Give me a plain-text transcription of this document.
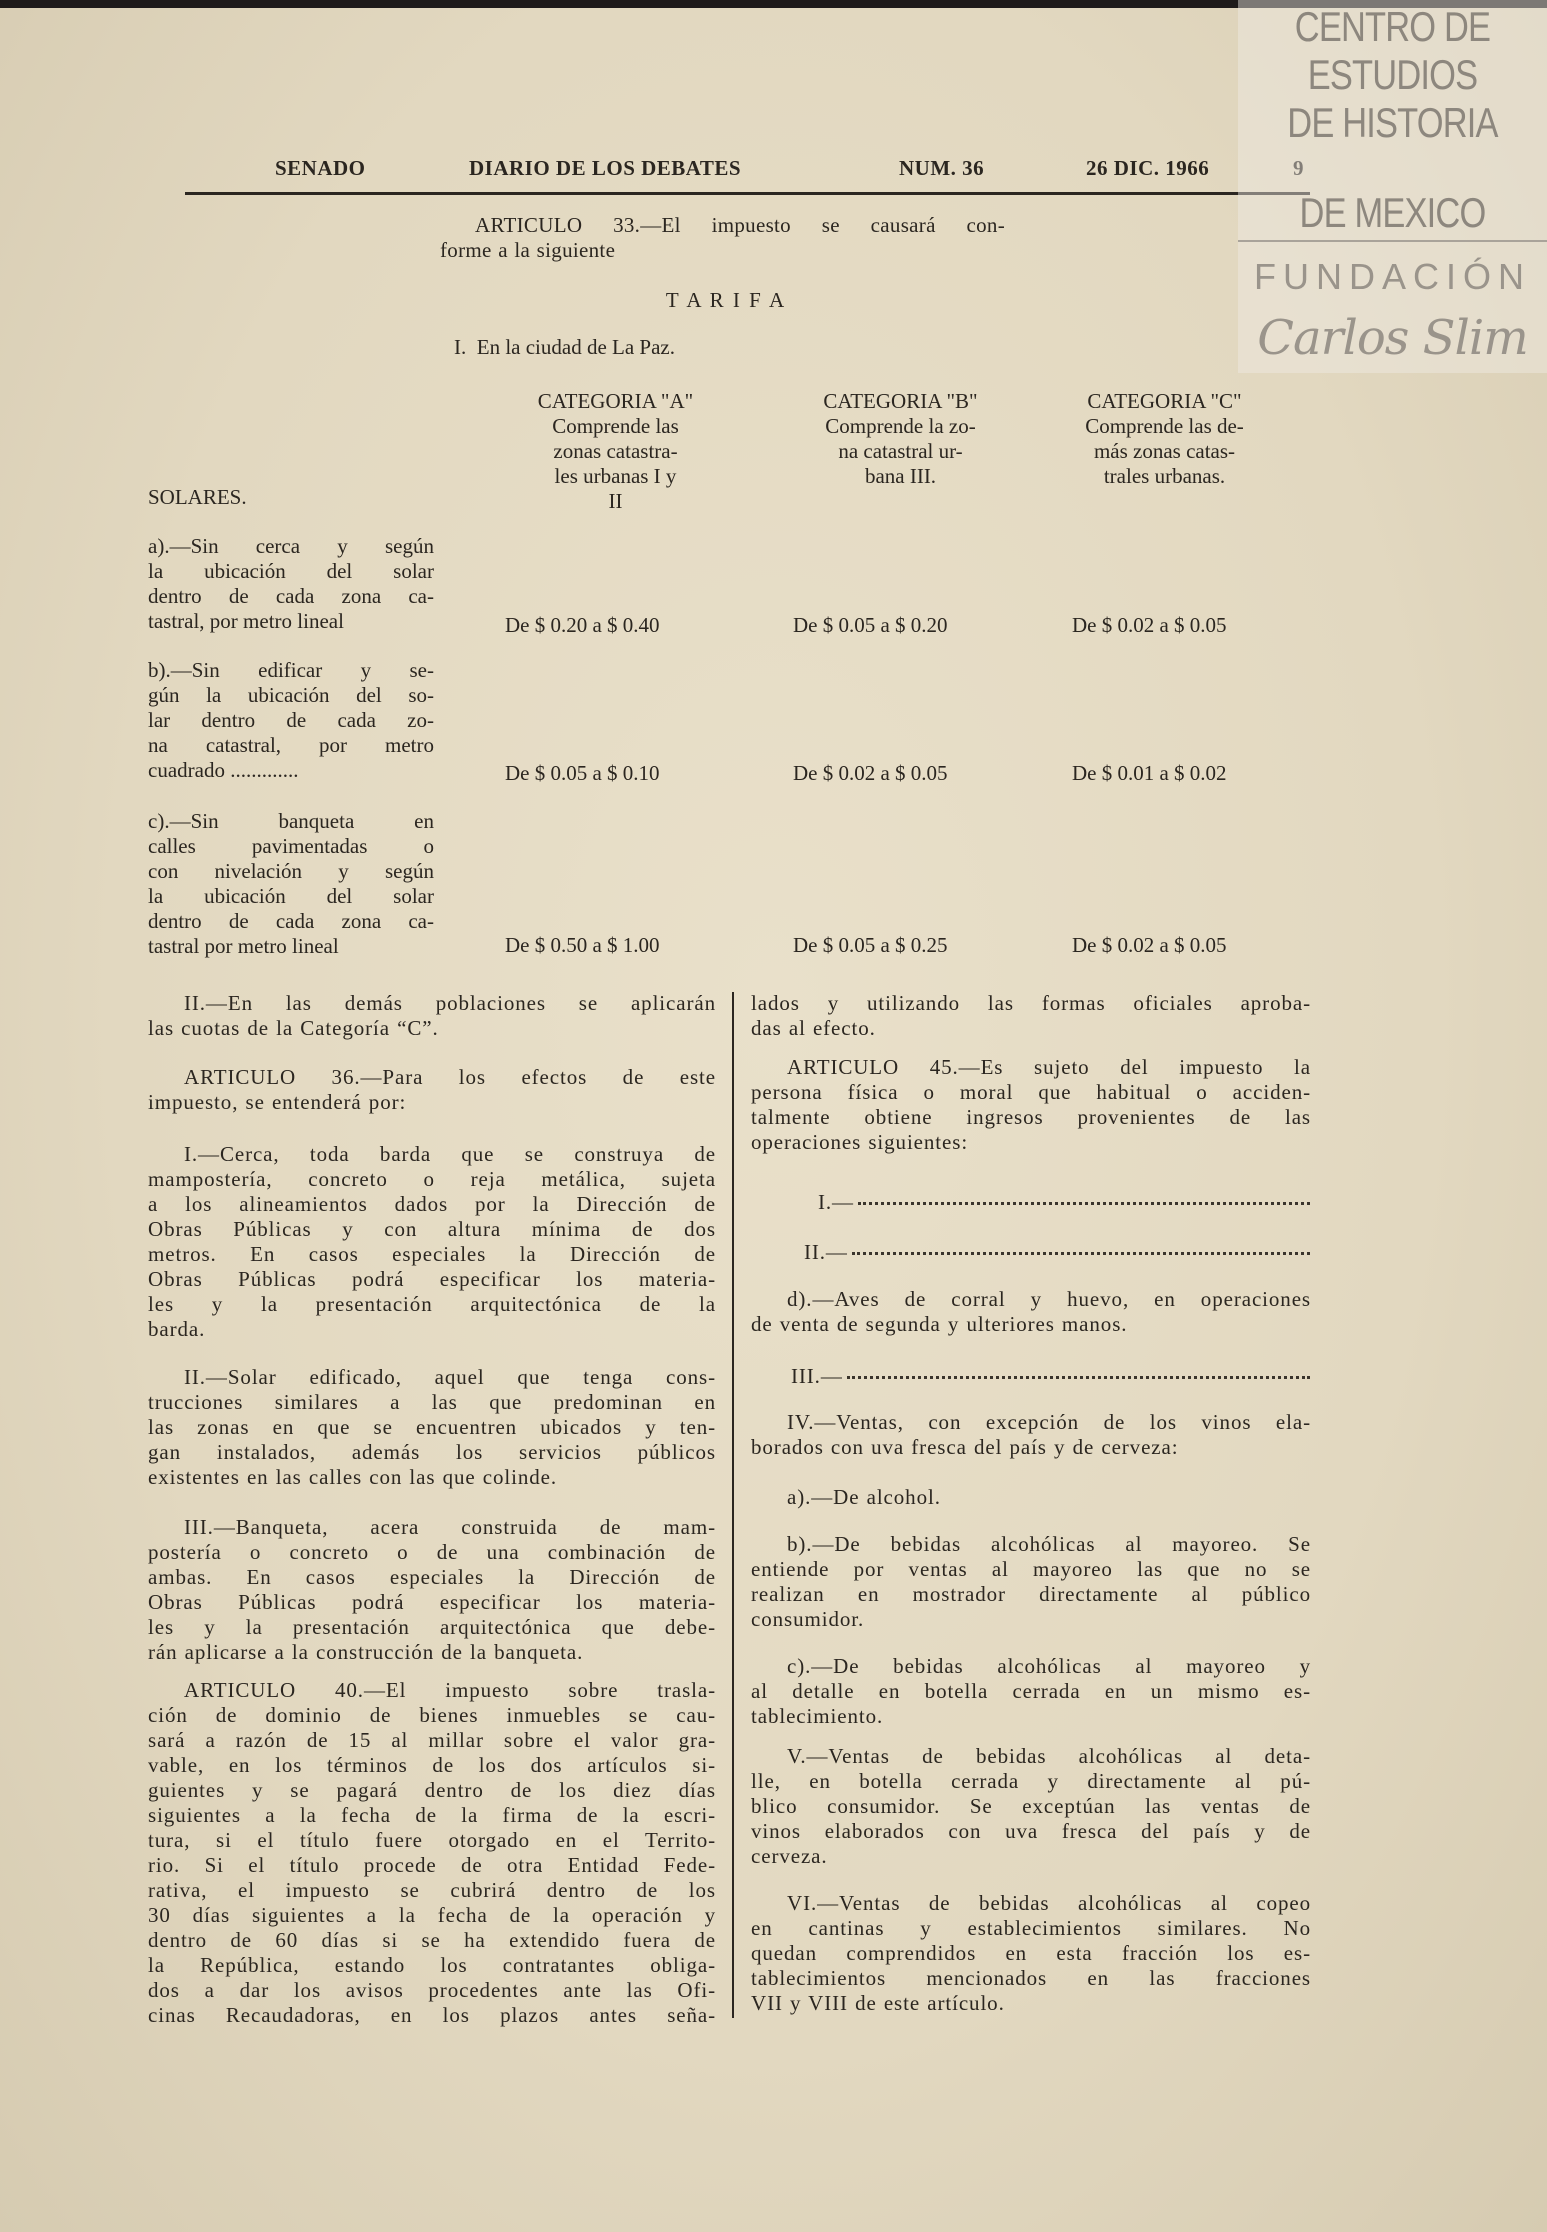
SENADO	DIARIO DE LOS DEBATES	NUM. 36	26 DIC. 1966	9
CENTRO DE
ESTUDIOS
DE HISTORIA
DE MEXICO
FUNDACIÓN
Carlos Slim
ARTICULO 33.—El impuesto se causará con-
forme a la siguiente
T A R I F A
I.  En la ciudad de La Paz.
CATEGORIA "A"
Comprende las
zonas catastra-
les urbanas I y
II
CATEGORIA "B"
Comprende la zo-
na catastral ur-
bana III.
CATEGORIA "C"
Comprende las de-
más zonas catas-
trales urbanas.
SOLARES.
a).—Sin cerca y según
la ubicación del solar
dentro de cada zona ca-
tastral, por metro lineal	De $ 0.20 a $ 0.40	De $ 0.05 a $ 0.20	De $ 0.02 a $ 0.05
b).—Sin edificar y se-
gún la ubicación del so-
lar dentro de cada zo-
na catastral, por metro
cuadrado .............	De $ 0.05 a $ 0.10	De $ 0.02 a $ 0.05	De $ 0.01 a $ 0.02
c).—Sin banqueta en
calles pavimentadas o
con nivelación y según
la ubicación del solar
dentro de cada zona ca-
tastral por metro lineal	De $ 0.50 a $ 1.00	De $ 0.05 a $ 0.25	De $ 0.02 a $ 0.05
II.—En las demás poblaciones se aplicarán
las cuotas de la Categoría “C”.
ARTICULO 36.—Para los efectos de este
impuesto, se entenderá por:
I.—Cerca, toda barda que se construya de
mampostería, concreto o reja metálica, sujeta
a los alineamientos dados por la Dirección de
Obras Públicas y con altura mínima de dos
metros. En casos especiales la Dirección de
Obras Públicas podrá especificar los materia-
les y la presentación arquitectónica de la
barda.
II.—Solar edificado, aquel que tenga cons-
trucciones similares a las que predominan en
las zonas en que se encuentren ubicados y ten-
gan instalados, además los servicios públicos
existentes en las calles con las que colinde.
III.—Banqueta, acera construida de mam-
postería o concreto o de una combinación de
ambas. En casos especiales la Dirección de
Obras Públicas podrá especificar los materia-
les y la presentación arquitectónica que debe-
rán aplicarse a la construcción de la banqueta.
ARTICULO 40.—El impuesto sobre trasla-
ción de dominio de bienes inmuebles se cau-
sará a razón de 15 al millar sobre el valor gra-
vable, en los términos de los dos artículos si-
guientes y se pagará dentro de los diez días
siguientes a la fecha de la firma de la escri-
tura, si el título fuere otorgado en el Territo-
rio. Si el título procede de otra Entidad Fede-
rativa, el impuesto se cubrirá dentro de los
30 días siguientes a la fecha de la operación y
dentro de 60 días si se ha extendido fuera de
la República, estando los contratantes obliga-
dos a dar los avisos procedentes ante las Ofi-
cinas Recaudadoras, en los plazos antes seña-
lados y utilizando las formas oficiales aproba-
das al efecto.
ARTICULO 45.—Es sujeto del impuesto la
persona física o moral que habitual o acciden-
talmente obtiene ingresos provenientes de las
operaciones siguientes:
I.—
II.—
d).—Aves de corral y huevo, en operaciones
de venta de segunda y ulteriores manos.
III.—
IV.—Ventas, con excepción de los vinos ela-
borados con uva fresca del país y de cerveza:
a).—De alcohol.
b).—De bebidas alcohólicas al mayoreo. Se
entiende por ventas al mayoreo las que no se
realizan en mostrador directamente al público
consumidor.
c).—De bebidas alcohólicas al mayoreo y
al detalle en botella cerrada en un mismo es-
tablecimiento.
V.—Ventas de bebidas alcohólicas al deta-
lle, en botella cerrada y directamente al pú-
blico consumidor. Se exceptúan las ventas de
vinos elaborados con uva fresca del país y de
cerveza.
VI.—Ventas de bebidas alcohólicas al copeo
en cantinas y establecimientos similares. No
quedan comprendidos en esta fracción los es-
tablecimientos mencionados en las fracciones
VII y VIII de este artículo.
